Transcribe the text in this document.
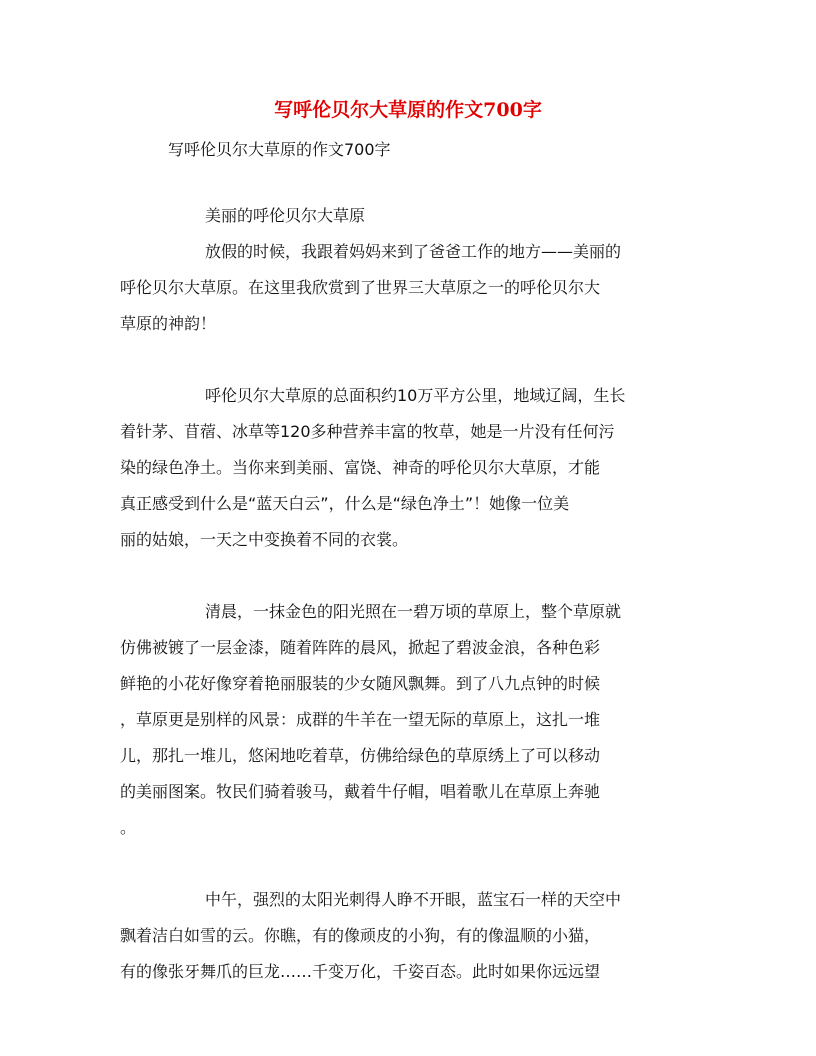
写呼伦贝尔大草原的作文700字
写呼伦贝尔大草原的作文700字
美丽的呼伦贝尔大草原
放假的时候，我跟着妈妈来到了爸爸工作的地方——美丽的
呼伦贝尔大草原。在这里我欣赏到了世界三大草原之一的呼伦贝尔大
草原的神韵！
呼伦贝尔大草原的总面积约10万平方公里，地域辽阔，生长
着针茅、苜蓿、冰草等120多种营养丰富的牧草，她是一片没有任何污
染的绿色净土。当你来到美丽、富饶、神奇的呼伦贝尔大草原，才能
真正感受到什么是“蓝天白云”，什么是“绿色净土”！她像一位美
丽的姑娘，一天之中变换着不同的衣裳。
清晨，一抹金色的阳光照在一碧万顷的草原上，整个草原就
仿佛被镀了一层金漆，随着阵阵的晨风，掀起了碧波金浪，各种色彩
鲜艳的小花好像穿着艳丽服装的少女随风飘舞。到了八九点钟的时候
，草原更是别样的风景：成群的牛羊在一望无际的草原上，这扎一堆
儿，那扎一堆儿，悠闲地吃着草，仿佛给绿色的草原绣上了可以移动
的美丽图案。牧民们骑着骏马，戴着牛仔帽，唱着歌儿在草原上奔驰
。
中午，强烈的太阳光刺得人睁不开眼，蓝宝石一样的天空中
飘着洁白如雪的云。你瞧，有的像顽皮的小狗，有的像温顺的小猫，
有的像张牙舞爪的巨龙……千变万化，千姿百态。此时如果你远远望
